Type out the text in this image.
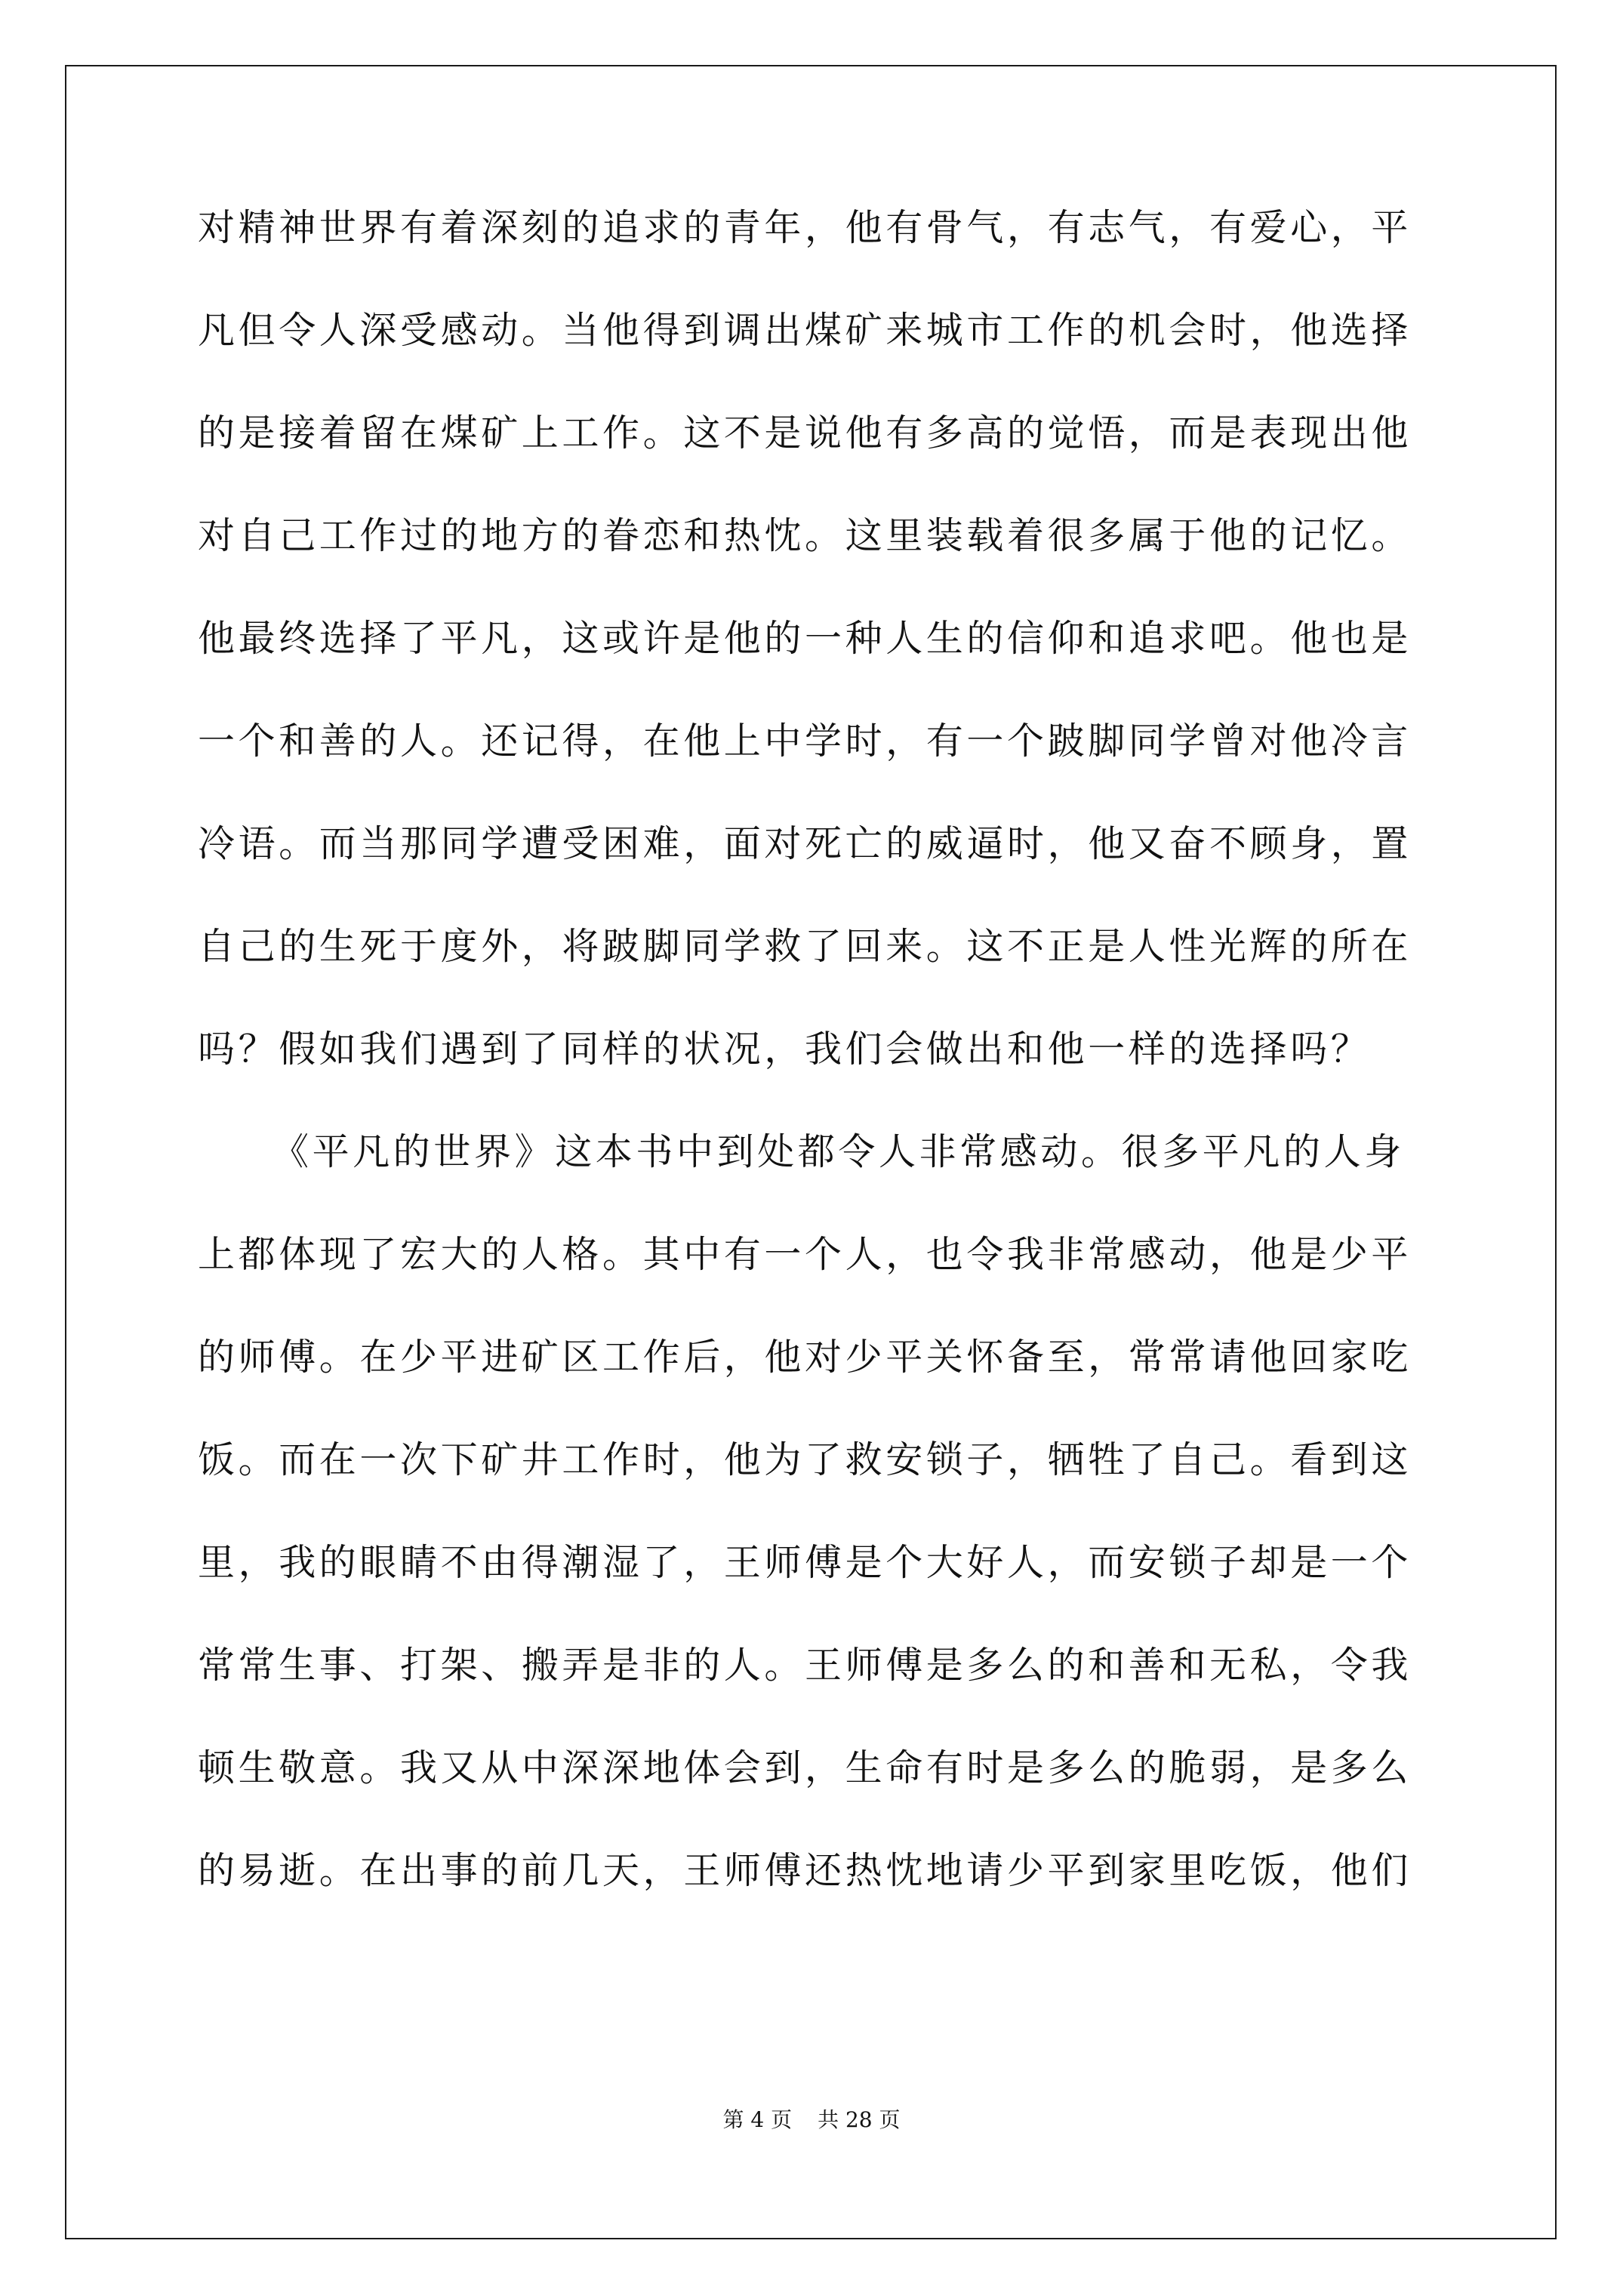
对精神世界有着深刻的追求的青年，他有骨气，有志气，有爱心，平
凡但令人深受感动。当他得到调出煤矿来城市工作的机会时，他选择
的是接着留在煤矿上工作。这不是说他有多高的觉悟，而是表现出他
对自己工作过的地方的眷恋和热忱。这里装载着很多属于他的记忆。
他最终选择了平凡，这或许是他的一种人生的信仰和追求吧。他也是
一个和善的人。还记得，在他上中学时，有一个跛脚同学曾对他冷言
冷语。而当那同学遭受困难，面对死亡的威逼时，他又奋不顾身，置
自己的生死于度外，将跛脚同学救了回来。这不正是人性光辉的所在
吗？假如我们遇到了同样的状况，我们会做出和他一样的选择吗？
《平凡的世界》这本书中到处都令人非常感动。很多平凡的人身
上都体现了宏大的人格。其中有一个人，也令我非常感动，他是少平
的师傅。在少平进矿区工作后，他对少平关怀备至，常常请他回家吃
饭。而在一次下矿井工作时，他为了救安锁子，牺牲了自己。看到这
里，我的眼睛不由得潮湿了，王师傅是个大好人，而安锁子却是一个
常常生事、打架、搬弄是非的人。王师傅是多么的和善和无私，令我
顿生敬意。我又从中深深地体会到，生命有时是多么的脆弱，是多么
的易逝。在出事的前几天，王师傅还热忱地请少平到家里吃饭，他们
第 4 页 共 28 页
